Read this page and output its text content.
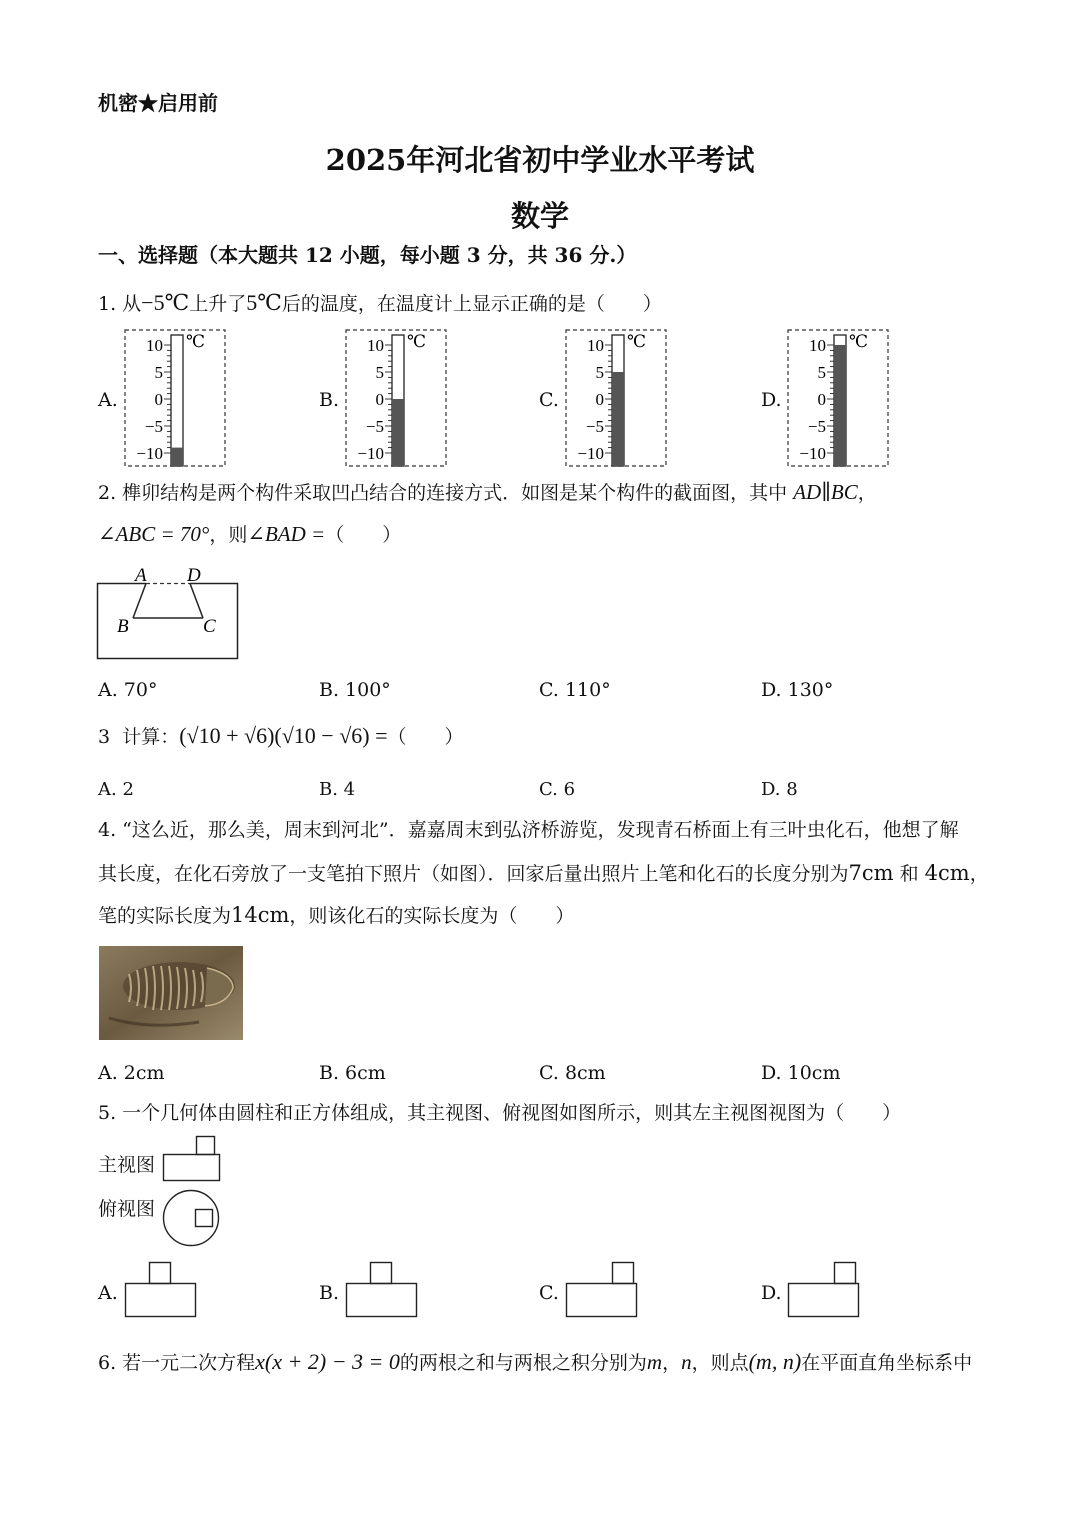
机密★启用前
2025年河北省初中学业水平考试
数学
一、选择题（本大题共 12 小题，每小题 3 分，共 36 分.）
1. 从−5℃上升了5℃后的温度，在温度计上显示正确的是（　　）
A.
10
5
0
−5
−10
℃
B.
10
5
0
−5
−10
℃
C.
10
5
0
−5
−10
℃
D.
10
5
0
−5
−10
℃
2. 榫卯结构是两个构件采取凹凸结合的连接方式．如图是某个构件的截面图，其中 AD∥BC，
∠ABC = 70°，则∠BAD =（　　）
A D
B	C
A. 70°	B. 100°	C. 110°	D. 130°
3 计算：(√10 + √6)(√10 − √6) =（　　）
A. 2	B. 4	C. 6	D. 8
4. “这么近，那么美，周末到河北”．嘉嘉周末到弘济桥游览，发现青石桥面上有三叶虫化石，他想了解
其长度，在化石旁放了一支笔拍下照片（如图）．回家后量出照片上笔和化石的长度分别为7cm 和 4cm，
笔的实际长度为14cm，则该化石的实际长度为（　　）
A. 2cm	B. 6cm	C. 8cm	D. 10cm
5. 一个几何体由圆柱和正方体组成，其主视图、俯视图如图所示，则其左主视图视图为（　　）
主视图
俯视图
A.	B.	C.	D.
6. 若一元二次方程x(x + 2) − 3 = 0的两根之和与两根之积分别为m，n，则点(m, n)在平面直角坐标系中
